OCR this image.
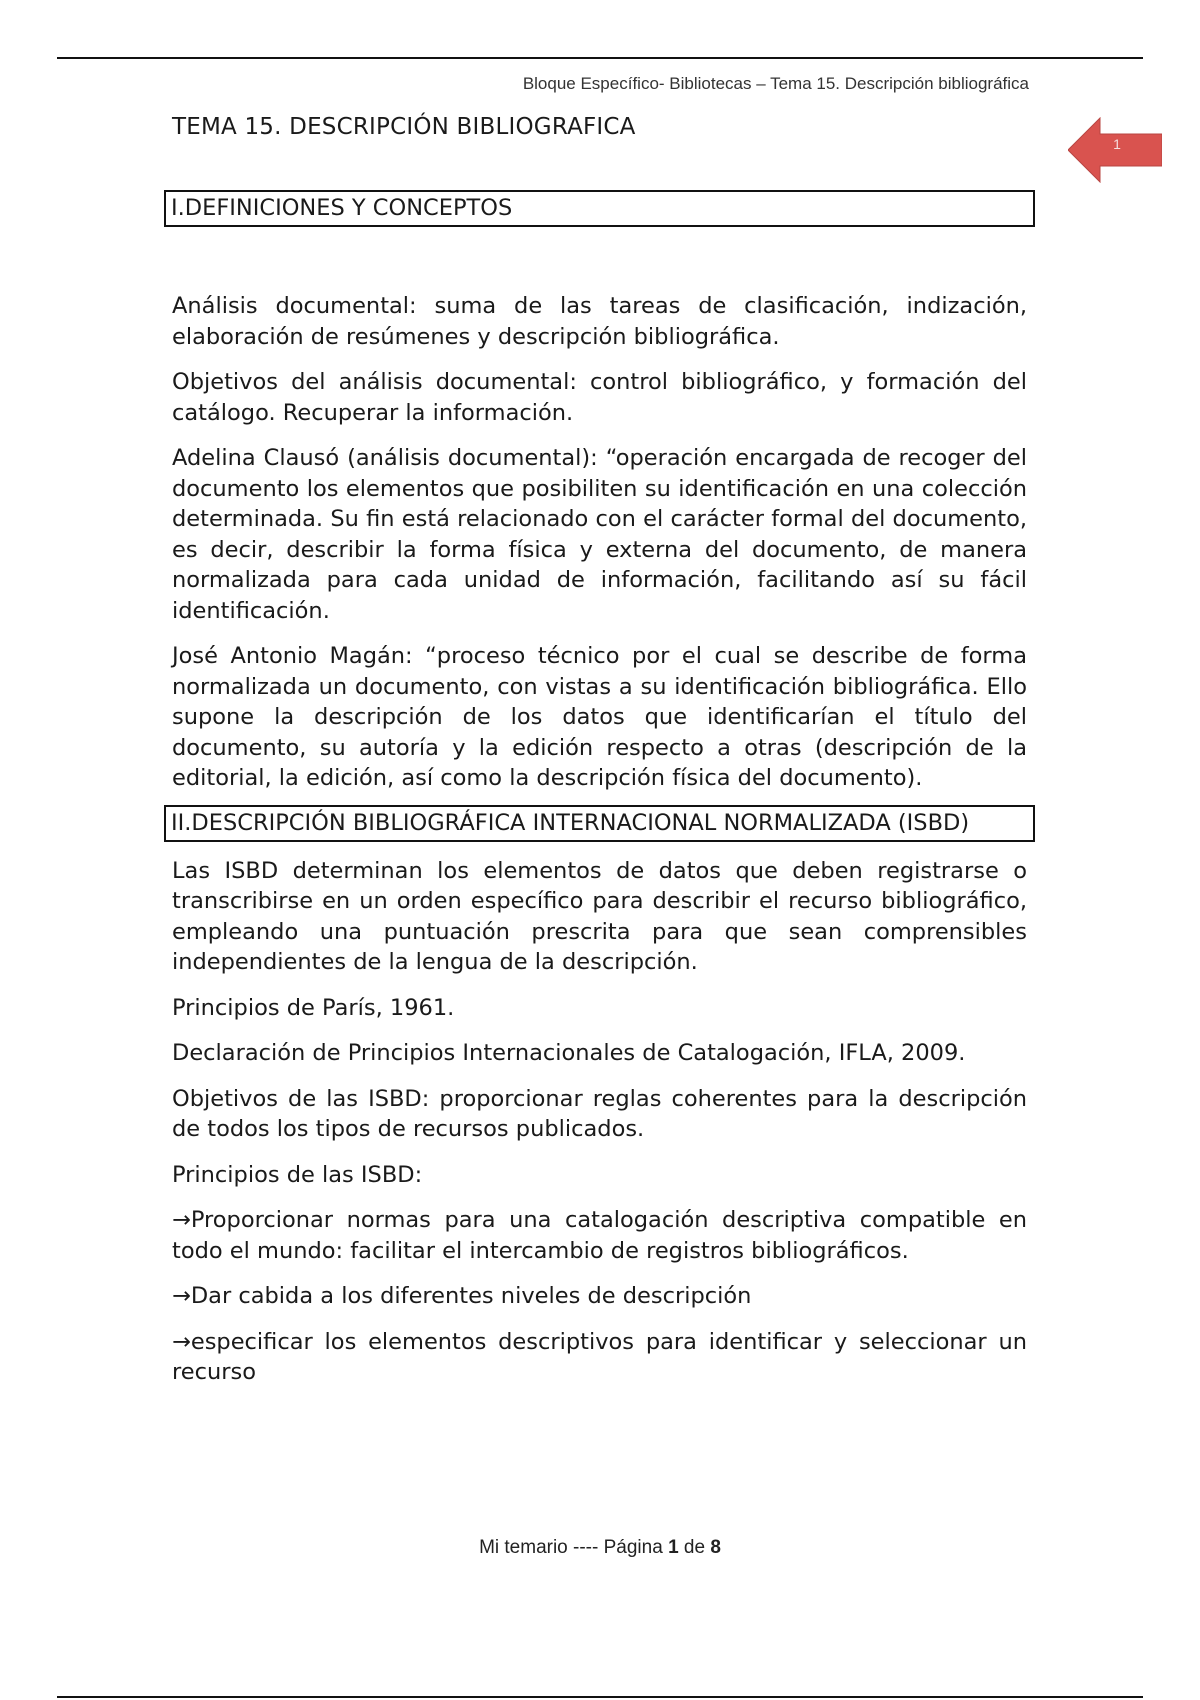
Bloque Específico- Bibliotecas – Tema 15. Descripción bibliográfica
1
TEMA 15. DESCRIPCIÓN BIBLIOGRAFICA
I.DEFINICIONES Y CONCEPTOS

Análisis documental: suma de las tareas de clasificación, indización, elaboración de resúmenes y descripción bibliográfica.

Objetivos del análisis documental: control bibliográfico, y formación del catálogo. Recuperar la información.

Adelina Clausó (análisis documental): “operación encargada de recoger del documento los elementos que posibiliten su identificación en una colección determinada. Su fin está relacionado con el carácter formal del documento, es decir, describir la forma física y externa del documento, de manera normalizada para cada unidad de información, facilitando así su fácil identificación.

José Antonio Magán: “proceso técnico por el cual se describe de forma normalizada un documento, con vistas a su identificación bibliográfica. Ello supone la descripción de los datos que identificarían el título del documento, su autoría y la edición respecto a otras (descripción de la editorial, la edición, así como la descripción física del documento).

II.DESCRIPCIÓN BIBLIOGRÁFICA INTERNACIONAL NORMALIZADA (ISBD)

Las ISBD determinan los elementos de datos que deben registrarse o transcribirse en un orden específico para describir el recurso bibliográfico, empleando una puntuación prescrita para que sean comprensibles independientes de la lengua de la descripción.

Principios de París, 1961.

Declaración de Principios Internacionales de Catalogación, IFLA, 2009.

Objetivos de las ISBD: proporcionar reglas coherentes para la descripción de todos los tipos de recursos publicados.

Principios de las ISBD:

→Proporcionar normas para una catalogación descriptiva compatible en todo el mundo: facilitar el intercambio de registros bibliográficos.

→Dar cabida a los diferentes niveles de descripción

→especificar los elementos descriptivos para identificar y seleccionar un recurso

Mi temario ---- Página 1 de 8
